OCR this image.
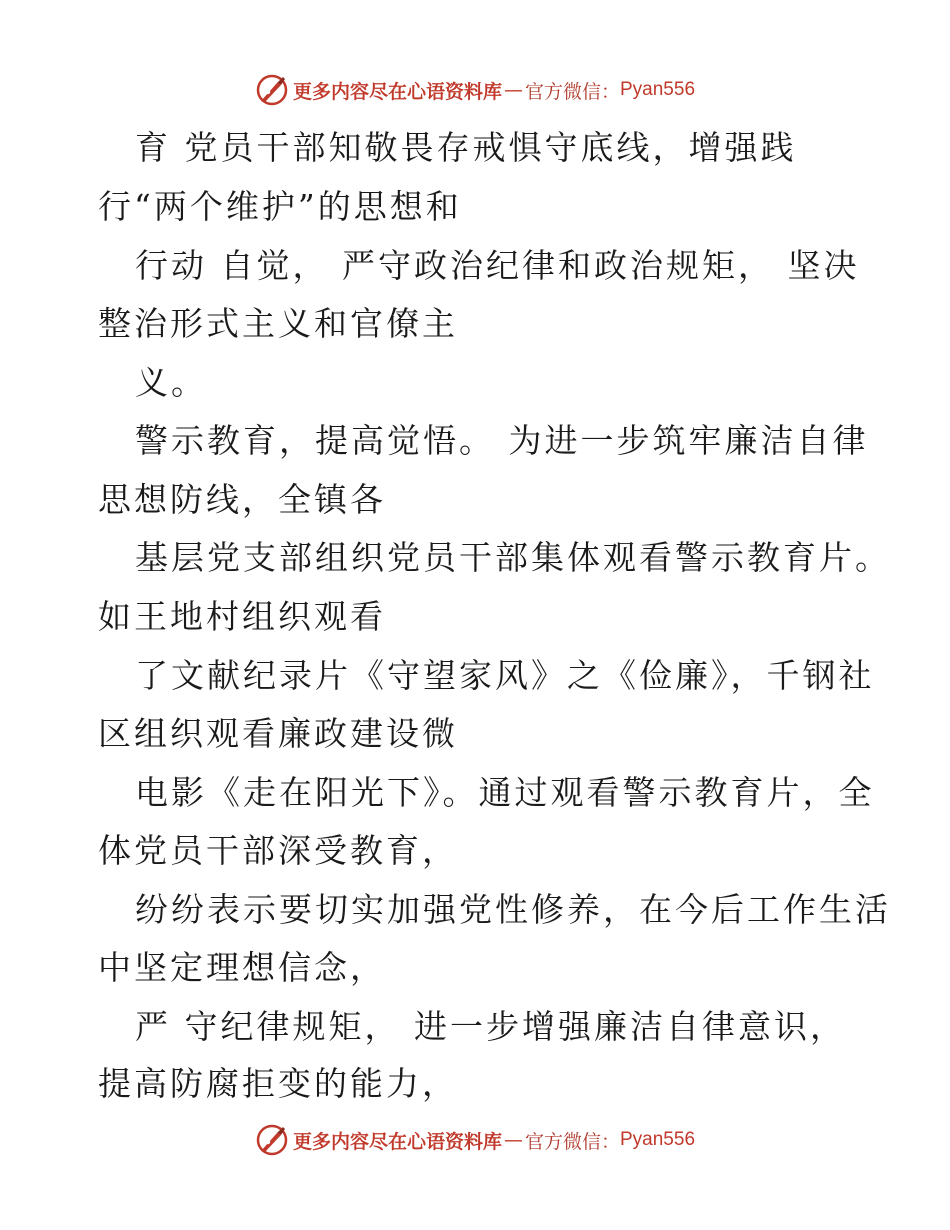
更多内容尽在心语资料库 — 官方微信： Pyan556
育 党员干部知敬畏存戒惧守底线，增强践
行“两个维护”的思想和
行动 自觉， 严守政治纪律和政治规矩， 坚决
整治形式主义和官僚主
义。
警示教育，提高觉悟。 为进一步筑牢廉洁自律
思想防线，全镇各
基层党支部组织党员干部集体观看警示教育片。
如王地村组织观看
了文献纪录片《守望家风》之《俭廉》，千钢社
区组织观看廉政建设微
电影《走在阳光下》。通过观看警示教育片，全
体党员干部深受教育，
纷纷表示要切实加强党性修养，在今后工作生活
中坚定理想信念，
严 守纪律规矩， 进一步增强廉洁自律意识，
提高防腐拒变的能力，
更多内容尽在心语资料库 — 官方微信： Pyan556
